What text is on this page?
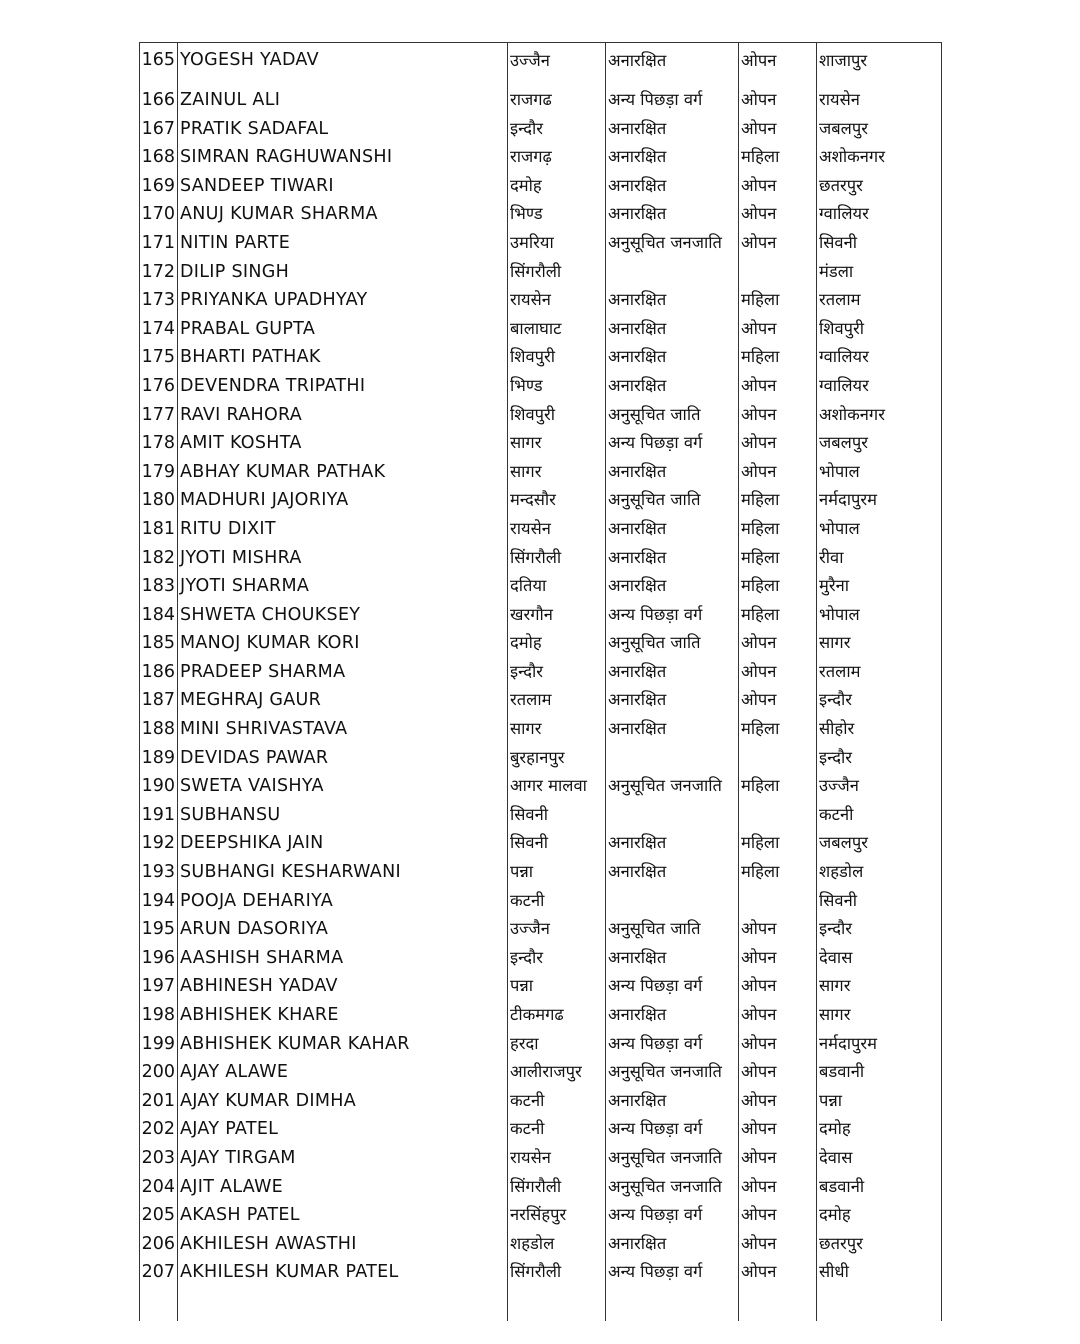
165	YOGESH YADAV	उज्जैन	अनारक्षित	ओपन	शाजापुर
166	ZAINUL ALI	राजगढ	अन्य पिछड़ा वर्ग	ओपन	रायसेन
167	PRATIK SADAFAL	इन्दौर	अनारक्षित	ओपन	जबलपुर
168	SIMRAN RAGHUWANSHI	राजगढ़	अनारक्षित	महिला	अशोकनगर
169	SANDEEP TIWARI	दमोह	अनारक्षित	ओपन	छतरपुर
170	ANUJ KUMAR SHARMA	भिण्ड	अनारक्षित	ओपन	ग्वालियर
171	NITIN PARTE	उमरिया	अनुसूचित जनजाति	ओपन	सिवनी
172	DILIP SINGH	सिंगरौली			मंडला
173	PRIYANKA UPADHYAY	रायसेन	अनारक्षित	महिला	रतलाम
174	PRABAL GUPTA	बालाघाट	अनारक्षित	ओपन	शिवपुरी
175	BHARTI PATHAK	शिवपुरी	अनारक्षित	महिला	ग्वालियर
176	DEVENDRA TRIPATHI	भिण्ड	अनारक्षित	ओपन	ग्वालियर
177	RAVI RAHORA	शिवपुरी	अनुसूचित जाति	ओपन	अशोकनगर
178	AMIT KOSHTA	सागर	अन्य पिछड़ा वर्ग	ओपन	जबलपुर
179	ABHAY KUMAR PATHAK	सागर	अनारक्षित	ओपन	भोपाल
180	MADHURI JAJORIYA	मन्दसौर	अनुसूचित जाति	महिला	नर्मदापुरम
181	RITU DIXIT	रायसेन	अनारक्षित	महिला	भोपाल
182	JYOTI MISHRA	सिंगरौली	अनारक्षित	महिला	रीवा
183	JYOTI SHARMA	दतिया	अनारक्षित	महिला	मुरैना
184	SHWETA CHOUKSEY	खरगौन	अन्य पिछड़ा वर्ग	महिला	भोपाल
185	MANOJ KUMAR KORI	दमोह	अनुसूचित जाति	ओपन	सागर
186	PRADEEP SHARMA	इन्दौर	अनारक्षित	ओपन	रतलाम
187	MEGHRAJ GAUR	रतलाम	अनारक्षित	ओपन	इन्दौर
188	MINI SHRIVASTAVA	सागर	अनारक्षित	महिला	सीहोर
189	DEVIDAS PAWAR	बुरहानपुर			इन्दौर
190	SWETA VAISHYA	आगर मालवा	अनुसूचित जनजाति	महिला	उज्जैन
191	SUBHANSU	सिवनी			कटनी
192	DEEPSHIKA JAIN	सिवनी	अनारक्षित	महिला	जबलपुर
193	SUBHANGI KESHARWANI	पन्ना	अनारक्षित	महिला	शहडोल
194	POOJA DEHARIYA	कटनी			सिवनी
195	ARUN DASORIYA	उज्जैन	अनुसूचित जाति	ओपन	इन्दौर
196	AASHISH SHARMA	इन्दौर	अनारक्षित	ओपन	देवास
197	ABHINESH YADAV	पन्ना	अन्य पिछड़ा वर्ग	ओपन	सागर
198	ABHISHEK KHARE	टीकमगढ	अनारक्षित	ओपन	सागर
199	ABHISHEK KUMAR KAHAR	हरदा	अन्य पिछड़ा वर्ग	ओपन	नर्मदापुरम
200	AJAY ALAWE	आलीराजपुर	अनुसूचित जनजाति	ओपन	बडवानी
201	AJAY KUMAR DIMHA	कटनी	अनारक्षित	ओपन	पन्ना
202	AJAY PATEL	कटनी	अन्य पिछड़ा वर्ग	ओपन	दमोह
203	AJAY TIRGAM	रायसेन	अनुसूचित जनजाति	ओपन	देवास
204	AJIT ALAWE	सिंगरौली	अनुसूचित जनजाति	ओपन	बडवानी
205	AKASH PATEL	नरसिंहपुर	अन्य पिछड़ा वर्ग	ओपन	दमोह
206	AKHILESH AWASTHI	शहडोल	अनारक्षित	ओपन	छतरपुर
207	AKHILESH KUMAR PATEL	सिंगरौली	अन्य पिछड़ा वर्ग	ओपन	सीधी
